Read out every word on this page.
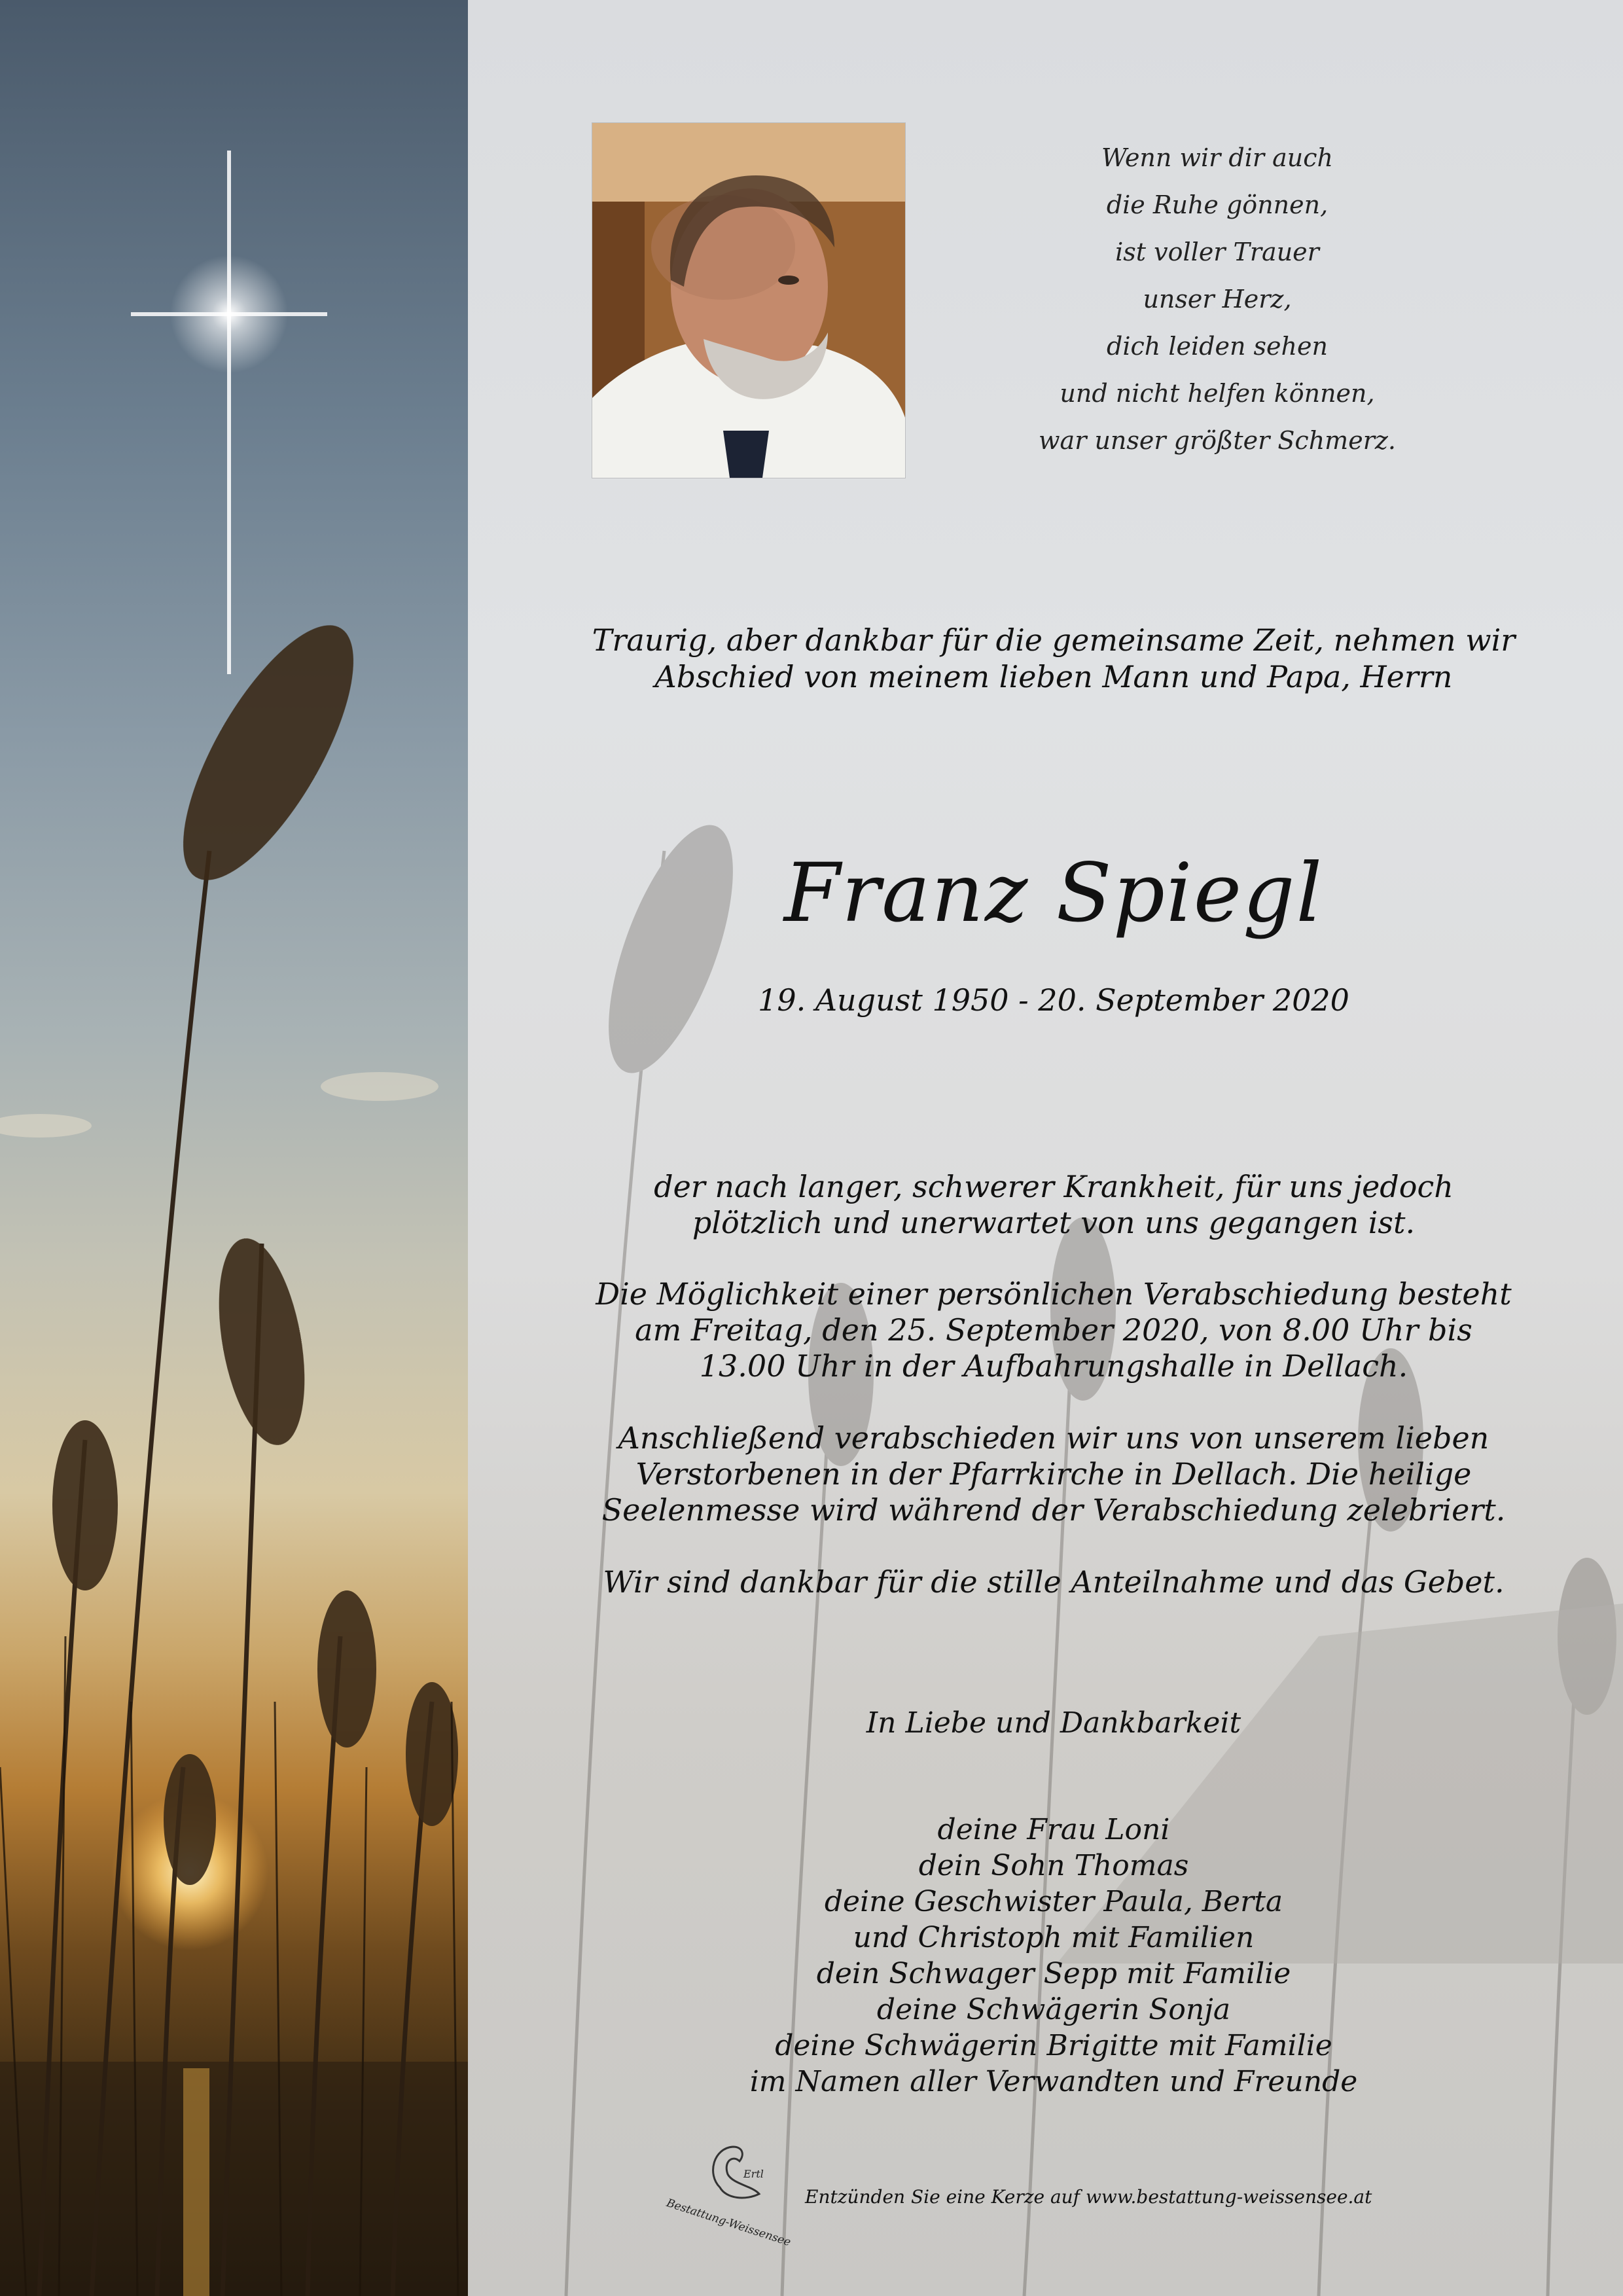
Wenn wir dir auch
die Ruhe gönnen,
ist voller Trauer
unser Herz,
dich leiden sehen
und nicht helfen können,
war unser größter Schmerz.
Traurig, aber dankbar für die gemeinsame Zeit, nehmen wir
Abschied von meinem lieben Mann und Papa, Herrn
Franz Spiegl
19. August 1950 - 20. September 2020
der nach langer, schwerer Krankheit, für uns jedoch
plötzlich und unerwartet von uns gegangen ist.
Die Möglichkeit einer persönlichen Verabschiedung besteht
am Freitag, den 25. September 2020, von 8.00 Uhr bis
13.00 Uhr in der Aufbahrungshalle in Dellach.
Anschließend verabschieden wir uns von unserem lieben
Verstorbenen in der Pfarrkirche in Dellach. Die heilige
Seelenmesse wird während der Verabschiedung zelebriert.
Wir sind dankbar für die stille Anteilnahme und das Gebet.
In Liebe und Dankbarkeit
deine Frau Loni
dein Sohn Thomas
deine Geschwister Paula, Berta
und Christoph mit Familien
dein Schwager Sepp mit Familie
deine Schwägerin Sonja
deine Schwägerin Brigitte mit Familie
im Namen aller Verwandten und Freunde
Ertl
Bestattung-Weissensee Entzünden Sie eine Kerze auf www.bestattung-weissensee.at
